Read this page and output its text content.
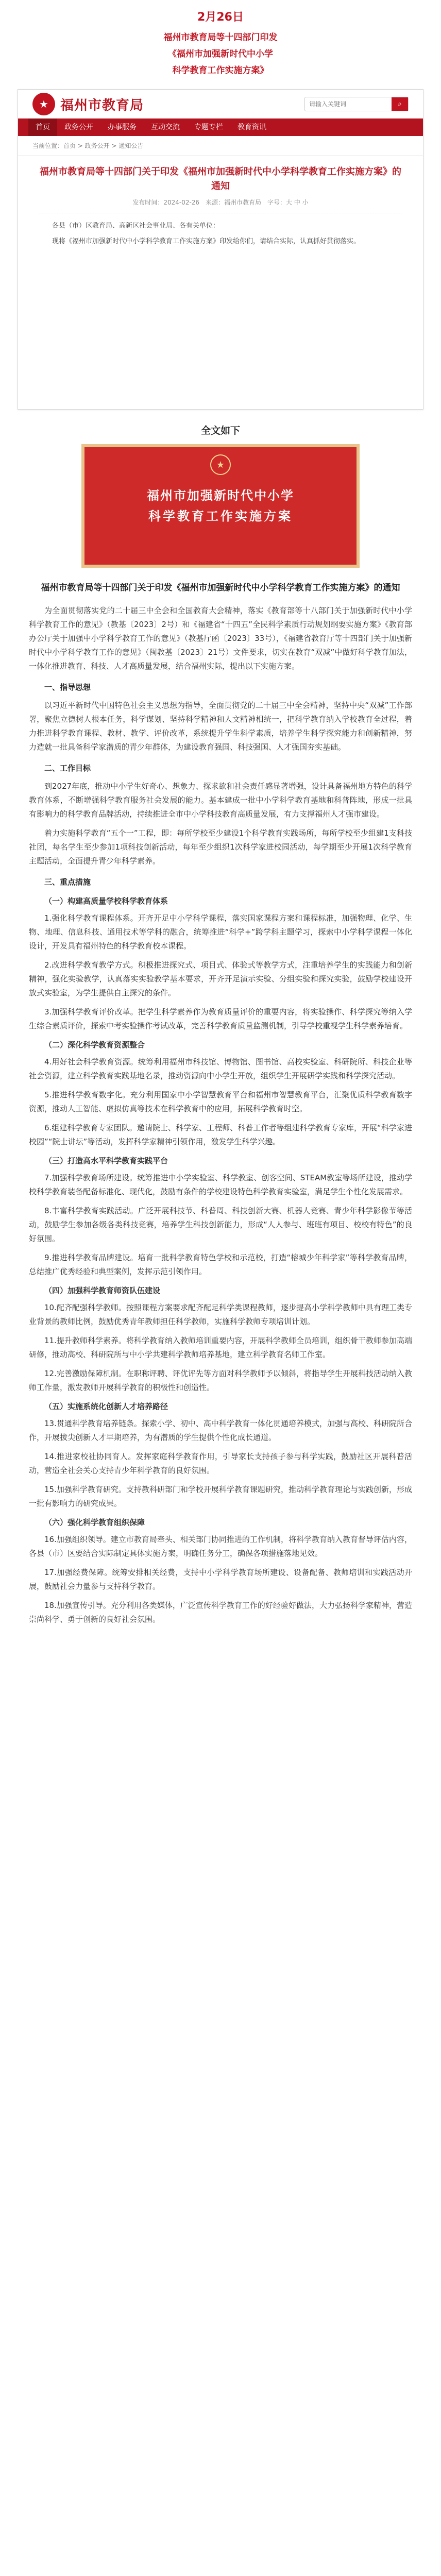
2月26日
福州市教育局等十四部门印发
《福州市加强新时代中小学
科学教育工作实施方案》
★ 福州市教育局
请输入关键词	⌕
首页	政务公开	办事服务	互动交流	专题专栏	教育资讯
当前位置：首页 > 政务公开 > 通知公告
福州市教育局等十四部门关于印发《福州市加强新时代中小学科学教育工作实施方案》的通知
发布时间：2024-02-26　来源：福州市教育局　字号：大 中 小

各县（市）区教育局、高新区社会事业局、各有关单位：

现将《福州市加强新时代中小学科学教育工作实施方案》印发给你们，请结合实际，认真抓好贯彻落实。

全文如下
★
福州市加强新时代中小学
科学教育工作实施方案
福州市教育局等十四部门关于印发《福州市加强新时代中小学科学教育工作实施方案》的通知

为全面贯彻落实党的二十届三中全会和全国教育大会精神，落实《教育部等十八部门关于加强新时代中小学科学教育工作的意见》（教基〔2023〕2号）和《福建省“十四五”全民科学素质行动规划纲要实施方案》《教育部办公厅关于加强中小学科学教育工作的意见》（教基厅函〔2023〕33号），《福建省教育厅等十四部门关于加强新时代中小学科学教育工作的意见》（闽教基〔2023〕21号）文件要求，切实在教育“双减”中做好科学教育加法，一体化推进教育、科技、人才高质量发展，结合福州实际，提出以下实施方案。

一、指导思想

以习近平新时代中国特色社会主义思想为指导，全面贯彻党的二十届三中全会精神，坚持中央“双减”工作部署，聚焦立德树人根本任务，科学谋划、坚持科学精神和人文精神相统一，把科学教育纳入学校教育全过程，着力推进科学教育课程、教材、教学、评价改革，系统提升学生科学素质，培养学生科学探究能力和创新精神，努力造就一批具备科学家潜质的青少年群体，为建设教育强国、科技强国、人才强国夯实基础。

二、工作目标

到2027年底，推动中小学生好奇心、想象力、探求欲和社会责任感显著增强，设计具备福州地方特色的科学教育体系，不断增强科学教育服务社会发展的能力。基本建成一批中小学科学教育基地和科普阵地，形成一批具有影响力的科学教育品牌活动，持续推进全市中小学科技教育高质量发展，有力支撑福州人才强市建设。

着力实施科学教育“五个一”工程，即：每所学校至少建设1个科学教育实践场所，每所学校至少组建1支科技社团，每名学生至少参加1项科技创新活动，每年至少组织1次科学家进校园活动，每学期至少开展1次科学教育主题活动，全面提升青少年科学素养。

三、重点措施
（一）构建高质量学校科学教育体系

1.强化科学教育课程体系。开齐开足中小学科学课程，落实国家课程方案和课程标准，加强物理、化学、生物、地理、信息科技、通用技术等学科的融合，统筹推进“科学+”跨学科主题学习，探索中小学科学课程一体化设计，开发具有福州特色的科学教育校本课程。

2.改进科学教育教学方式。积极推进探究式、项目式、体验式等教学方式，注重培养学生的实践能力和创新精神，强化实验教学，认真落实实验教学基本要求，开齐开足演示实验、分组实验和探究实验，鼓励学校建设开放式实验室，为学生提供自主探究的条件。

3.加强科学教育评价改革。把学生科学素养作为教育质量评价的重要内容，将实验操作、科学探究等纳入学生综合素质评价，探索中考实验操作考试改革，完善科学教育质量监测机制，引导学校重视学生科学素养培育。

（二）深化科学教育资源整合

4.用好社会科学教育资源。统筹利用福州市科技馆、博物馆、图书馆、高校实验室、科研院所、科技企业等社会资源，建立科学教育实践基地名录，推动资源向中小学生开放，组织学生开展研学实践和科学探究活动。

5.推进科学教育数字化。充分利用国家中小学智慧教育平台和福州市智慧教育平台，汇聚优质科学教育数字资源，推动人工智能、虚拟仿真等技术在科学教育中的应用，拓展科学教育时空。

6.组建科学教育专家团队。邀请院士、科学家、工程师、科普工作者等组建科学教育专家库，开展“科学家进校园”“院士讲坛”等活动，发挥科学家精神引领作用，激发学生科学兴趣。

（三）打造高水平科学教育实践平台

7.加强科学教育场所建设。统筹推进中小学实验室、科学教室、创客空间、STEAM教室等场所建设，推动学校科学教育装备配备标准化、现代化，鼓励有条件的学校建设特色科学教育实验室，满足学生个性化发展需求。

8.丰富科学教育实践活动。广泛开展科技节、科普周、科技创新大赛、机器人竞赛、青少年科学影像节等活动，鼓励学生参加各级各类科技竞赛，培养学生科技创新能力，形成“人人参与、班班有项目、校校有特色”的良好氛围。

9.推进科学教育品牌建设。培育一批科学教育特色学校和示范校，打造“榕城少年科学家”等科学教育品牌，总结推广优秀经验和典型案例，发挥示范引领作用。

（四）加强科学教育师资队伍建设

10.配齐配强科学教师。按照课程方案要求配齐配足科学类课程教师，逐步提高小学科学教师中具有理工类专业背景的教师比例，鼓励优秀青年教师担任科学教师，实施科学教师专项培训计划。

11.提升教师科学素养。将科学教育纳入教师培训重要内容，开展科学教师全员培训，组织骨干教师参加高端研修，推动高校、科研院所与中小学共建科学教师培养基地，建立科学教育名师工作室。

12.完善激励保障机制。在职称评聘、评优评先等方面对科学教师予以倾斜，将指导学生开展科技活动纳入教师工作量，激发教师开展科学教育的积极性和创造性。

（五）实施系统化创新人才培养路径

13.贯通科学教育培养链条。探索小学、初中、高中科学教育一体化贯通培养模式，加强与高校、科研院所合作，开展拔尖创新人才早期培养，为有潜质的学生提供个性化成长通道。

14.推进家校社协同育人。发挥家庭科学教育作用，引导家长支持孩子参与科学实践，鼓励社区开展科普活动，营造全社会关心支持青少年科学教育的良好氛围。

15.加强科学教育研究。支持教科研部门和学校开展科学教育课题研究，推动科学教育理论与实践创新，形成一批有影响力的研究成果。

（六）强化科学教育组织保障

16.加强组织领导。建立市教育局牵头、相关部门协同推进的工作机制，将科学教育纳入教育督导评估内容，各县（市）区要结合实际制定具体实施方案，明确任务分工，确保各项措施落地见效。

17.加强经费保障。统筹安排相关经费，支持中小学科学教育场所建设、设备配备、教师培训和实践活动开展，鼓励社会力量参与支持科学教育。

18.加强宣传引导。充分利用各类媒体，广泛宣传科学教育工作的好经验好做法，大力弘扬科学家精神，营造崇尚科学、勇于创新的良好社会氛围。
